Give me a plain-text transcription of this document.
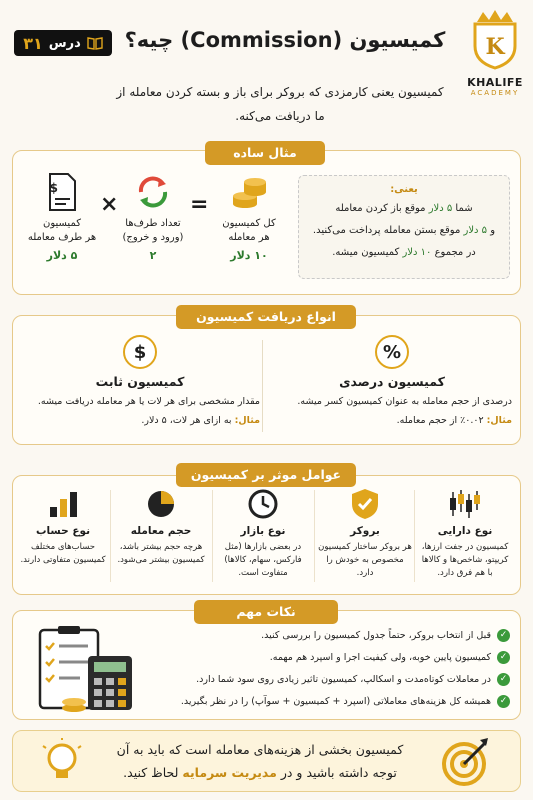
درس
۳۱	کمیسیون (Commission) چیه؟
کمیسیون یعنی کارمزدی که بروکر برای باز و بسته کردن معامله از ما دریافت می‌کنه.
K
KHALIFE
ACADEMY
مثال ساده
یعنی:
شما ۵ دلار موقع باز کردن معامله
و ۵ دلار موقع بستن معامله پرداخت می‌کنید.
در مجموع ۱۰ دلار کمیسیون میشه.
کل کمیسیون
هر معامله
۱۰ دلار
=
تعداد طرف‌ها
(ورود و خروج)
۲
×
$
کمیسیون
هر طرف معامله
۵ دلار
انواع دریافت کمیسیون
%
کمیسیون درصدی
درصدی از حجم معامله به عنوان کمیسیون کسر میشه.
مثال: ۰.۰۲٪ از حجم معامله.
$
کمیسیون ثابت
مقدار مشخصی برای هر لات یا هر معامله دریافت میشه.
مثال: به ازای هر لات، ۵ دلار.
عوامل موثر بر کمیسیون
نوع دارایی
کمیسیون در جفت ارزها، کریپتو، شاخص‌ها و کالاها با هم فرق دارد.
بروکر
هر بروکر ساختار کمیسیون مخصوص به خودش را دارد.
نوع بازار
در بعضی بازارها (مثل فارکس، سهام، کالاها) متفاوت است.
حجم معامله
هرچه حجم بیشتر باشد، کمیسیون بیشتر می‌شود.
نوع حساب
حساب‌های مختلف کمیسیون متفاوتی دارند.
نکات مهم
✓
قبل از انتخاب بروکر، حتماً جدول کمیسیون را بررسی کنید.
✓
کمیسیون پایین خوبه، ولی کیفیت اجرا و اسپرد هم مهمه.
✓
در معاملات کوتاه‌مدت و اسکالپ، کمیسیون تاثیر زیادی روی سود شما دارد.
✓
همیشه کل هزینه‌های معاملاتی (اسپرد + کمیسیون + سوآپ) را در نظر بگیرید.
کمیسیون بخشی از هزینه‌های معامله است که باید به آن توجه داشته باشید و در مدیریت سرمایه لحاظ کنید.
